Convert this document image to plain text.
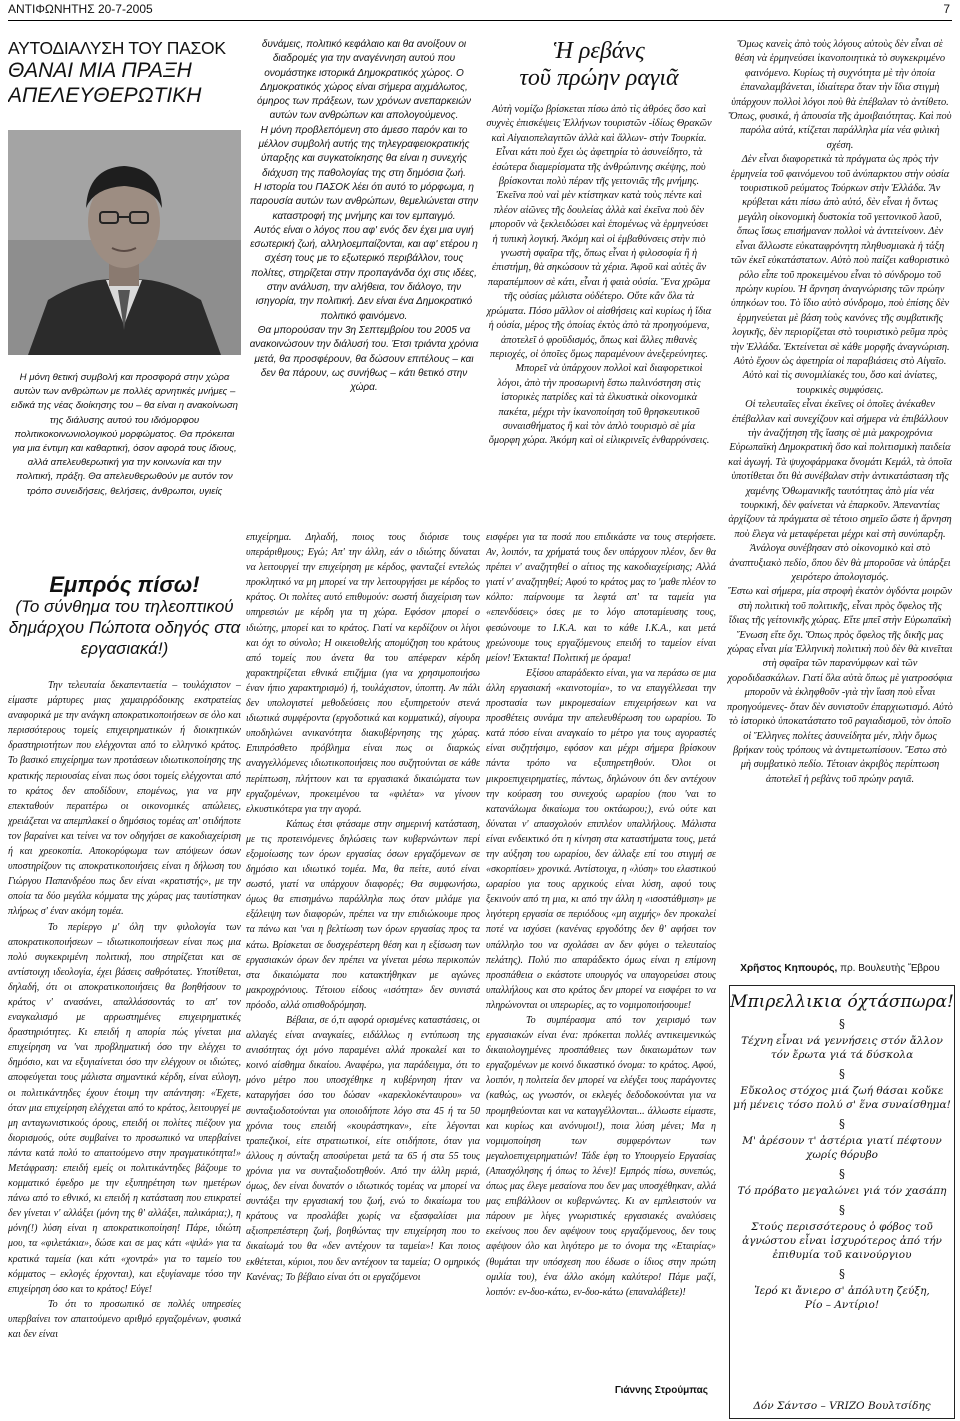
ΑΝΤΙΦΩΝΗΤΗΣ 20-7-2005	7
ΑΥΤΟΔΙΑΛΥΣΗ ΤΟΥ ΠΑΣΟΚ
ΘΑΝΑΙ ΜΙΑ ΠΡΑΞΗ
ΑΠΕΛΕΥΘΕΡΩΤΙΚΗ
Η μόνη θετική συμβολή και προσφορά στην χώρα αυτών των ανθρώπων με πολλές αρνητικές μνήμες – ειδικά της νέας διοίκησης του – θα είναι η ανακοίνωση της διάλυσης αυτού του ιδιόμορφου πολιτικοκοινωνιολογικού μορφώματος. Θα πρόκειται για μια έντιμη και καθαρτική, όσον αφορά τους ίδιους, αλλά απελευθερωτική για την κοινωνία και την πολιτική, πράξη. Θα απελευθερωθούν με αυτόν τον τρόπο συνειδήσεις, θελήσεις, άνθρωποι, υγιείς
Εμπρός πίσω!
(Το σύνθημα του τηλεοπτικού δημάρχου Πώποτα οδηγός στα εργασιακά!)

Την τελευταία δεκαπενταετία – τουλάχιστον – είμαστε μάρτυρες μιας χαμαιρρόδοικης εκστρατείας αναφορικά με την ανάγκη αποκρατικοποιήσεων σε όλο και περισσότερους τομείς επιχειρηματικών ή διοικητικών δραστηριοτήτων που ελέγχονται από το ελληνικό κράτος. Το βασικό επιχείρημα των προτάσεων ιδιωτικοποίησης της κρατικής περιουσίας είναι πως όσοι τομείς ελέγχονται από το κράτος δεν αποδίδουν, επομένως, για να μην επεκταθούν περαιτέρω οι οικονομικές απώλειες, χρειάζεται να απεμπλακεί ο δημόσιος τομέας απ' οτιδήποτε τον βαραίνει και τείνει να τον οδηγήσει σε κακοδιαχείριση ή και χρεοκοπία. Αποκορύφωμα των απόψεων όσων υποστηρίζουν τις αποκρατικοποιήσεις είναι η δήλωση του Γιώργου Παπανδρέου πως δεν είναι «κρατιστής», με την οποία τα δύο μεγάλα κόμματα της χώρας μας ταυτίστηκαν πλήρως σ' έναν ακόμη τομέα.

Το περίεργο μ' όλη την φιλολογία των αποκρατικοποιήσεων – ιδιωτικοποιήσεων είναι πως μια πολύ συγκεκριμένη πολιτική, που στηρίζεται και σε αντίστοιχη ιδεολογία, έχει βάσεις σαθρότατες. Υποτίθεται, δηλαδή, ότι οι αποκρατικοποιήσεις θα βοηθήσουν το κράτος ν' ανασάνει, απαλλάσσοντάς το απ' τον εναγκαλισμό με αρρωστημένες επιχειρηματικές δραστηριότητες. Κι επειδή η απορία πώς γίνεται μια επιχείρηση να 'ναι προβληματική όσο την ελέγχει το δημόσιο, και να εξυγιαίνεται όσο την ελέγχουν οι ιδιώτες, αποφεύγεται τους μάλιστα σημαντικά κέρδη, είναι εύλογη, οι πολιτικάντηδες έχουν έτοιμη την απάντηση: «Έχετε, όταν μια επιχείρηση ελέγχεται από το κράτος, λειτουργεί με μη ανταγωνιστικούς όρους, επειδή οι πολίτες πιέζουν για διορισμούς, ούτε συμβαίνει το προσωπικό να υπερβαίνει πάντα κατά πολύ το απαιτούμενο στην πραγματικότητα!» Μετάφραση: επειδή εμείς οι πολιτικάντηδες βάζουμε το κομματικό έφεδρο με την εξυπηρέτηση των ημετέρων πάνω από το εθνικό, κι επειδή η κατάσταση που επικρατεί δεν γίνεται ν' αλλάξει (μόνη της θ' αλλάξει, παλικάρια;), η μόνη(!) λύση είναι η αποκρατικοποίηση! Πάρε, ιδιώτη μου, τα «φιλετάκια», δώσε και σε μας κάτι «ψιλά» για τα κρατικά ταμεία (και κάτι «χοντρά» για το ταμείο του κόμματος – εκλογές έρχονται), και εξυγίαναμε τόσο την επιχείρηση όσο και το κράτος! Εύγε!

Το ότι το προσωπικό σε πολλές υπηρεσίες υπερβαίνει τον απαιτούμενο αριθμό εργαζομένων, φυσικά και δεν είναι

δυνάμεις, πολιτικό κεφάλαιο και θα ανοίξουν οι διαδρομές για την αναγέννηση αυτού που ονομάστηκε ιστορικά Δημοκρατικός χώρος. Ο Δημοκρατικός χώρος είναι σήμερα αιχμάλωτος, όμηρος των πράξεων, των χρόνων ανεπαρκειών αυτών των ανθρώπων και απολογούμενος.

Η μόνη προβλεπόμενη στο άμεσο παρόν και το μέλλον συμβολή αυτής της τηλεγραφειοκρατικής ύπαρξης και συγκατοίκησης θα είναι η συνεχής διάχυση της παθολογίας της στη δημόσια ζωή.

Η ιστορία του ΠΑΣΟΚ λέει ότι αυτό το μόρφωμα, η παρουσία αυτών των ανθρώπων, θεμελιώνεται στην καταστροφή της μνήμης και τον εμπαιγμό.

Αυτός είναι ο λόγος που αφ' ενός δεν έχει μια υγιή εσωτερική ζωή, αλληλοεμπαίζονται, και αφ' ετέρου η σχέση τους με το εξωτερικό περιβάλλον, τους πολίτες, στηρίζεται στην προπαγάνδα όχι στις ιδέες, στην ανάλυση, την αλήθεια, τον διάλογο, την ισηγορία, την πολιτική. Δεν είναι ένα Δημοκρατικό πολιτικό φαινόμενο.

Θα μπορούσαν την 3η Σεπτεμβρίου του 2005 να ανακοινώσουν την διάλυσή του. Έτσι τριάντα χρόνια μετά, θα προσφέρουν, θα δώσουν επιτέλους – και δεν θα πάρουν, ως συνήθως – κάτι θετικό στην χώρα.

επιχείρημα. Δηλαδή, ποιος τους διόρισε τους υπεράριθμους; Εγώ; Απ' την άλλη, εάν ο ιδιώτης δύναται να λειτουργεί την επιχείρηση με κέρδος, φανταζεί εντελώς προκλητικό να μη μπορεί να την λειτουργήσει με κέρδος το κράτος. Οι πολίτες αυτό επιθυμούν: σωστή διαχείριση των υπηρεσιών με κέρδη για τη χώρα. Εφόσον μπορεί ο ιδιώτης, μπορεί και το κράτος. Γιατί να κερδίζουν οι λίγοι και όχι το σύνολο; Η οικειοθελής απομύζηση του κράτους από τομείς που άνετα θα του απέφεραν κέρδη χαρακτηρίζεται εθνικά επιζήμια (για να χρησιμοποιήσω έναν ήπιο χαρακτηρισμό) ή, τουλάχιστον, ύποπτη. Αν πάλι δεν υπολογιστεί μεθοδεύσεις που εξυπηρετούν στενά ιδιωτικά συμφέροντα (εργοδοτικά και κομματικά), σίγουρα υποδηλώνει ανικανότητα διακυβέρνησης της χώρας. Επιπρόσθετο πρόβλημα είναι πως οι διαρκώς αναγγελλόμενες ιδιωτικοποιήσεις που συζητούνται σε κάθε περίπτωση, πλήττουν και τα εργασιακά δικαιώματα των εργαζομένων, προκειμένου τα «φιλέτα» να γίνουν ελκυστικότερα για την αγορά.

Κάπως έτσι φτάσαμε στην σημερινή κατάσταση, με τις προτεινόμενες δηλώσεις των κυβερνώντων περί εξομοίωσης των όρων εργασίας όσων εργαζόμενων σε δημόσιο και ιδιωτικό τομέα. Μα, θα πείτε, αυτό είναι σωστό, γιατί να υπάρχουν διαφορές; Θα συμφωνήσω, όμως θα επισημάνω παράλληλα πως όταν μιλάμε για εξάλειψη των διαφορών, πρέπει να την επιδιώκουμε προς τα πάνω και 'ναι η βελτίωση των όρων εργασίας προς τα κάτω. Βρίσκεται σε δυσχερέστερη θέση και η εξίσωση των εργασιακών όρων δεν πρέπει να γίνεται μέσω περικοπών στα δικαιώματα που κατακτήθηκαν με αγώνες μακροχρόνιους. Τέτοιου είδους «ισότητα» δεν συνιστά πρόοδο, αλλά οπισθοδρόμηση.

Βέβαια, σε ό,τι αφορά ορισμένες καταστάσεις, οι αλλαγές είναι αναγκαίες, ειδάλλως η εντύπωση της ανισότητας όχι μόνο παραμένει αλλά προκαλεί και το κοινό αίσθημα δικαίου. Αναφέρω, για παράδειγμα, ότι το μόνο μέτρο που υποσχέθηκε η κυβέρνηση ήταν να καταργήσει όσο του δώσαν «καρεκλοκένταυρου» να συνταξιοδοτούνται για οποιοδήποτε λόγο στα 45 ή τα 50 χρόνια τους επειδή «κουράστηκαν», είτε λέγονται τραπεζικοί, είτε στρατιωτικοί, είτε οτιδήποτε, όταν για άλλους η σύνταξη αποσύρεται μετά τα 65 ή στα 55 τους χρόνια για να συνταξιοδοτηθούν. Από την άλλη μεριά, όμως, δεν είναι δυνατόν ο ιδιωτικός τομέας να μπορεί να συντάξει την εργασιακή του ζωή, ενώ το δικαίωμα του κράτους να προσλάβει χωρίς να εξασφαλίσει μια αξιοπρεπέστερη ζωή, βοηθώντας την επιχείρηση που το δικαίωμά του θα «δεν αντέχουν τα ταμεία»! Και ποιος εκθέτεται, κύριοι, που δεν αντέχουν τα ταμεία; Ο ομηρικός Κανένας; Το βέβαιο είναι ότι οι εργαζόμενοι

Ἡ ρεβάνς
τοῦ πρώην ραγιᾶ

Αὐτὴ νομίζω βρίσκεται πίσω ἀπὸ τὶς ἀθρόες ὅσο καὶ συχνὲς ἐπισκέψεις Ἑλλήνων τουριστῶν -ἰδίως Θρακῶν καὶ Αἰγαιοπελαγιτῶν ἀλλὰ καὶ ἄλλων- στὴν Τουρκία. Εἶναι κάτι ποὺ ἔχει ὡς ἀφετηρία τὸ ἀσυνείδητο, τὰ ἐσώτερα διαμερίσματα τῆς ἀνθρώπινης σκέψης, ποὺ βρίσκονται πολὺ πέραν τῆς γειτονιᾶς τῆς μνήμης. Ἐκεῖνα ποὺ ναὶ μὲν κτίστηκαν κατὰ τοὺς πέντε καὶ πλέον αἰῶνες τῆς δουλείας ἀλλὰ καὶ ἐκεῖνα ποὺ δὲν μποροῦν νὰ ξεκλειδώσει καὶ ἑπομένως νὰ ἑρμηνεύσει ἡ τυπικὴ λογική. Ἀκόμη καὶ οἱ ἐμβαθύνσεις στὴν πιὸ γνωστὴ σφαῖρα τῆς, ὅπως εἶναι ἡ φιλοσοφία ἢ ἡ ἐπιστήμη, θὰ σηκώσουν τὰ χέρια. Ἀφοῦ καὶ αὐτὲς ἂν παραπέμπουν σὲ κάτι, εἶναι ἡ φαιὰ οὐσία. Ἕνα χρῶμα τῆς οὐσίας μάλιστα οὐδέτερο. Οὔτε κἂν ὅλα τὰ χρώματα. Πόσο μᾶλλον οἱ αἰσθήσεις καὶ κυρίως ἡ ἴδια ἡ οὐσία, μέρος τῆς ὁποίας ἐκτὸς ἀπὸ τὰ προηγούμενα, ἀποτελεῖ ὁ φροϋδισμός, ὅπως καὶ ἄλλες πιθανὲς περιοχές, οἱ ὁποῖες ὅμως παραμένουν ἀνεξερεύνητες.

Μπορεῖ νὰ ὑπάρχουν πολλοὶ καὶ διαφορετικοὶ λόγοι, ἀπὸ τὴν προσωρινὴ ἔστω παλινόστηση στὶς ἱστορικὲς πατρίδες καὶ τὰ ἑλκυστικὰ οἰκονομικὰ πακέτα, μέχρι τὴν ἱκανοποίηση τοῦ θρησκευτικοῦ συναισθήματος ἢ καὶ τὸν ἁπλὸ τουρισμὸ σὲ μία ὄμορφη χώρα. Ἀκόμη καὶ οἱ εἰλικρινεῖς ἐνθαρρύνσεις.

εισφέρει για τα ποσά που επιδικάστε να τους στερήσετε. Αν, λοιπόν, τα χρήματά τους δεν υπάρχουν πλέον, δεν θα πρέπει ν' αναζητηθεί ο αίτιος της κακοδιαχείρισης; Αλλά γιατί ν' αναζητηθεί; Αφού το κράτος μας το 'μαθε πλέον το κόλπο: παίρνουμε τα λεφτά απ' τα ταμεία για «επενδύσεις» όσες με το λόγο αποταμίευσης τους, φεσώνουμε το Ι.Κ.Α. και το κάθε Ι.Κ.Α., και μετά χρεώνουμε τους εργαζόμενους επειδή το ταμείον είναι μείον! Έκτακτα! Πολιτική με όραμα!

Εξίσου απαράδεκτο είναι, για να περάσω σε μια άλλη εργασιακή «καινοτομία», το να επαγγέλλεσαι την προστασία των μικρομεσαίων επιχειρήσεων και να προσθέτεις συνάμα την απελευθέρωση του ωραρίου. Το κατά πόσο είναι αναγκαίο το μέτρο για τους αγοραστές είναι συζητήσιμο, εφόσον και μέχρι σήμερα βρίσκουν πάντα τρόπο να εξυπηρετηθούν. Όλοι οι μικροεπιχειρηματίες, πάντως, δηλώνουν ότι δεν αντέχουν την κούραση του συνεχούς ωραρίου (που 'ναι το κατανάλωμα δικαίωμα του οκτάωρου;), ενώ ούτε και δύναται ν' απασχολούν επιπλέον υπαλλήλους. Μάλιστα είναι ενδεικτικό ότι η κίνηση στα καταστήματα τους, μετά την αύξηση του ωραρίου, δεν άλλαξε επί του στιγμή σε «σκορπίσει» χρονικά. Αντίστοιχα, η «λύση» του ελαστικού ωραρίου για τους αρχικούς είναι λύση, αφού τους ξεκινούν από τη μια, κι από την άλλη η «ισοστάθμιση» με λιγότερη εργασία σε περιόδους «μη αιχμής» δεν προκαλεί ποτέ να ισχύσει (κανένας εργοδότης δεν θ' αφήσει τον υπάλληλο του να σχολάσει αν δεν φύγει ο τελευταίος πελάτης). Πολύ πιο απαράδεκτο όμως είναι η επίμονη προσπάθεια ο εκάστοτε υπουργός να υπαγορεύσει στους υπαλλήλους και στο κράτος δεν μπορεί να εισφέρει το να πληρώνονται οι υπερωρίες, ας το νομιμοποιήσουμε!

Το συμπέρασμα από τον χειρισμό των εργασιακών είναι ένα: πρόκειται πολλές αντικειμενικώς δικαιολογημένες προσπάθειες των δικαιωμάτων των εργαζομένων με κοινό δικαστικό όνομα: το κράτος. Αφού, λοιπόν, η πολιτεία δεν μπορεί να ελέγξει τους παράγοντες (καθώς, ως γνωστόν, οι εκλεγές δεδοδοκούνται για να προμηθεύονται και να καταγγέλλονται... άλλωστε είμαστε, και κυρίως και ανόνυμοι!), ποια λύση μένει; Μα η νομιμοποίηση των συμφερόντων των μεγαλοεπιχειρηματιών! Τάδε έφη το Υπουργείο Εργασίας (Απασχόλησης ή όπως το λένε)! Εμπρός πίσω, συνεπώς, όπως μας έλεγε μεσαίονα που δεν μας υποσχέθηκαν, αλλά μας επιβάλλουν οι κυβερνώντες. Κι αν εμπλειστούν να πάρουν με λίγες γνωριστικές εργασιακές αναλύσεις εκείνους που δεν αφέψουν τους εργαζόμενους, δεν τους αφέψουν όλο και λιγότερο με το όνομα της «Εταιρίας» (θυμάται την υπόσχεση που έδωσε ο ίδιος στην πρώτη ομιλία του), ένα άλλο ακόμη καλύτερο! Πάμε μαζί, λοιπόν: εν-δυο-κάτω, εν-δυο-κάτω (επαναλάβετε)!

Γιάννης Στρούμπας

Ὅμως κανεὶς ἀπὸ τοὺς λόγους αὐτοὺς δὲν εἶναι σὲ θέση νὰ ἑρμηνεύσει ἱκανοποιητικὰ τὸ συγκεκριμένο φαινόμενο. Κυρίως τὴ συχνότητα μὲ τὴν ὁποία ἐπαναλαμβάνεται, ἰδιαίτερα ὅταν τὴν ἴδια στιγμὴ ὑπάρχουν πολλοὶ λόγοι ποὺ θὰ ἐπέβαλαν τὸ ἀντίθετο. Ὅπως, φυσικά, ἡ ἀπουσία τῆς ἀμοιβαιότητας. Καὶ ποὺ παρόλα αὐτά, κτίζεται παράλληλα μία νέα φιλικὴ σχέση.

Δὲν εἶναι διαφορετικὰ τὰ πράγματα ὡς πρὸς τὴν ἑρμηνεία τοῦ φαινόμενου τοῦ ἀνύπαρκτου στὴν οὐσία τουριστικοῦ ρεύματος Τούρκων στὴν Ἑλλάδα. Ἂν κρύβεται κάτι πίσω ἀπὸ αὐτό, δὲν εἶναι ἡ ὄντως μεγάλη οἰκονομικὴ δυστοκία τοῦ γειτονικοῦ λαοῦ, ὅπως ἴσως επισήμαναν πολλοὶ νὰ ἀντιτείνουν. Δὲν εἶναι ἄλλωστε εὐκαταφρόνητη πληθυσμιακὰ ἡ τάξη τῶν ἐκεῖ εὐκατάστατων. Αὐτὸ ποὺ παίζει καθοριστικὸ ρόλο εἶπε τοῦ προκειμένου εἶναι τὸ σύνδρομο τοῦ πρώην κυρίου. Ἡ ἄρνηση ἀναγνώρισης τῶν πρώην ὑπηκόων του. Τὸ ἴδιο αὐτὸ σύνδρομο, ποὺ ἐπίσης δὲν ἑρμηνεύεται μὲ βάση τοὺς κανόνες τῆς συμβατικῆς λογικῆς, δὲν περιορίζεται στὸ τουριστικὸ ρεῦμα πρὸς τὴν Ἑλλάδα. Ἐκτείνεται σὲ κάθε μορφῆς ἀναγνώριση. Αὐτὸ ἔχουν ὡς ἀφετηρία οἱ παραβιάσεις στὸ Αἰγαῖο. Αὐτὸ καὶ τὶς συνομιλίακές του, ὅσο καὶ ἀνίατες, τουρκικὲς συμφύσεις.

Οἱ τελευταῖες εἶναι ἐκεῖνες οἱ ὁποῖες ἀνέκαθεν ἐπέβαλλαν καὶ συνεχίζουν καὶ σήμερα νὰ ἐπιβάλλουν τὴν ἀναζήτηση τῆς ἴασης σὲ μιὰ μακροχρόνια Εὐρωπαϊκὴ Δημοκρατικὴ ὅσο καὶ πολιτισμικὴ παιδεία καὶ ἀγωγή. Τὰ ψυχοφάρμακα ὄνομάτι Κεμάλ, τὰ ὁποῖα ὑποτίθεται ὅτι θὰ συνέβαλαν στὴν ἀντικατάσταση τῆς χαμένης Ὀθωμανικῆς ταυτότητας ἀπὸ μία νέα τουρκική, δὲν φαίνεται νὰ ἐπαρκοῦν. Ἀπεναντίας ἀρχίζουν τὰ πράγματα σὲ τέτοιο σημεῖο ὥστε ἡ ἄρνηση ποὺ ἔλεγα νὰ μεταφέρεται μέχρι καὶ στὴ συνύπαρξη. Ἀνάλογα συνέβησαν στὸ οἰκονομικὸ καὶ στὸ ἀναπτυξιακὸ πεδίο, ὅπου δὲν θὰ μποροῦσε νὰ ὑπάρξει χειρότερο ἀπολογισμός.

Ἔστω καὶ σήμερα, μία στροφὴ ἐκατὸν ὀγδόντα μοιρῶν στὴ πολιτικὴ τοῦ πολιτικῆς, εἶναι πρὸς ὄφελος τῆς ἴδιας τῆς γείτονικῆς χώρας. Εἴτε μπεῖ στὴν Εὐρωπαϊκὴ Ἕνωση εἴτε ὄχι. Ὅπως πρὸς ὄφελος τῆς δικῆς μας χώρας εἶναι μία Ἑλληνικὴ πολιτικὴ ποὺ δὲν θὰ κινεῖται στὴ σφαῖρα τῶν παρανύμφων καὶ τῶν χοροδιδασκάλων. Γιατί ὅλα αὐτὰ ὅπως μὲ γιατροσόφια μποροῦν νὰ ἐκληφθοῦν -γιὰ τὴν ἴαση ποὺ εἶναι προηγούμενες- ὅταν δὲν συνιστοῦν ἐπαρχιωτισμό. Αὐτὸ τὸ ἱστορικὸ ὑποκατάστατο τοῦ ραγιαδισμοῦ, τὸν ὁποῖο οἱ Ἕλληνες πολίτες ἀσυνείδητα μέν, πλὴν ὅμως βρήκαν τοὺς τρόπους νὰ ἀντιμετωπίσουν. Ἔστω στὸ μὴ συμβατικὸ πεδίο. Τέτοιαν ἀκριβὸς περίπτωση ἀποτελεῖ ἡ ρεβὰνς τοῦ πρώην ραγιᾶ.

Χρῆστος Κηπουρός, πρ. Βουλευτὴς Ἕβρου
Μπιρελλικια όχτάσπωρα!
§
Τέχνη εἶναι νά γεννήσεις στόν ἄλλον
τόν ἔρωτα γιά τά δύσκολα
§
Εὔκολος στόχος μιά ζωή θάσαι κοὔκε
μή μένεις τόσο πολύ σ' ἕνα συναίσθημα!
§
Μ' ἀρέσουν τ' ἀστέρια γιατί πέφτουν
χωρίς θόρυβο
§
Τό πρόβατο μεγαλώνει γιά τόν χασάπη
§
Στούς περισσότερους ὁ φόβος τοῦ
ἀγνώστου εἶναι ἰσχυρότερος ἀπό τήν
ἐπιθυμία τοῦ καινούργιου
§
Ἱερό κι ἄνιερο σ' ἀπόλυτη ζεύξη,
Ρίο – Αντίριο!
Δόν Σάντσο – VRIZO Βουλτσίδης
